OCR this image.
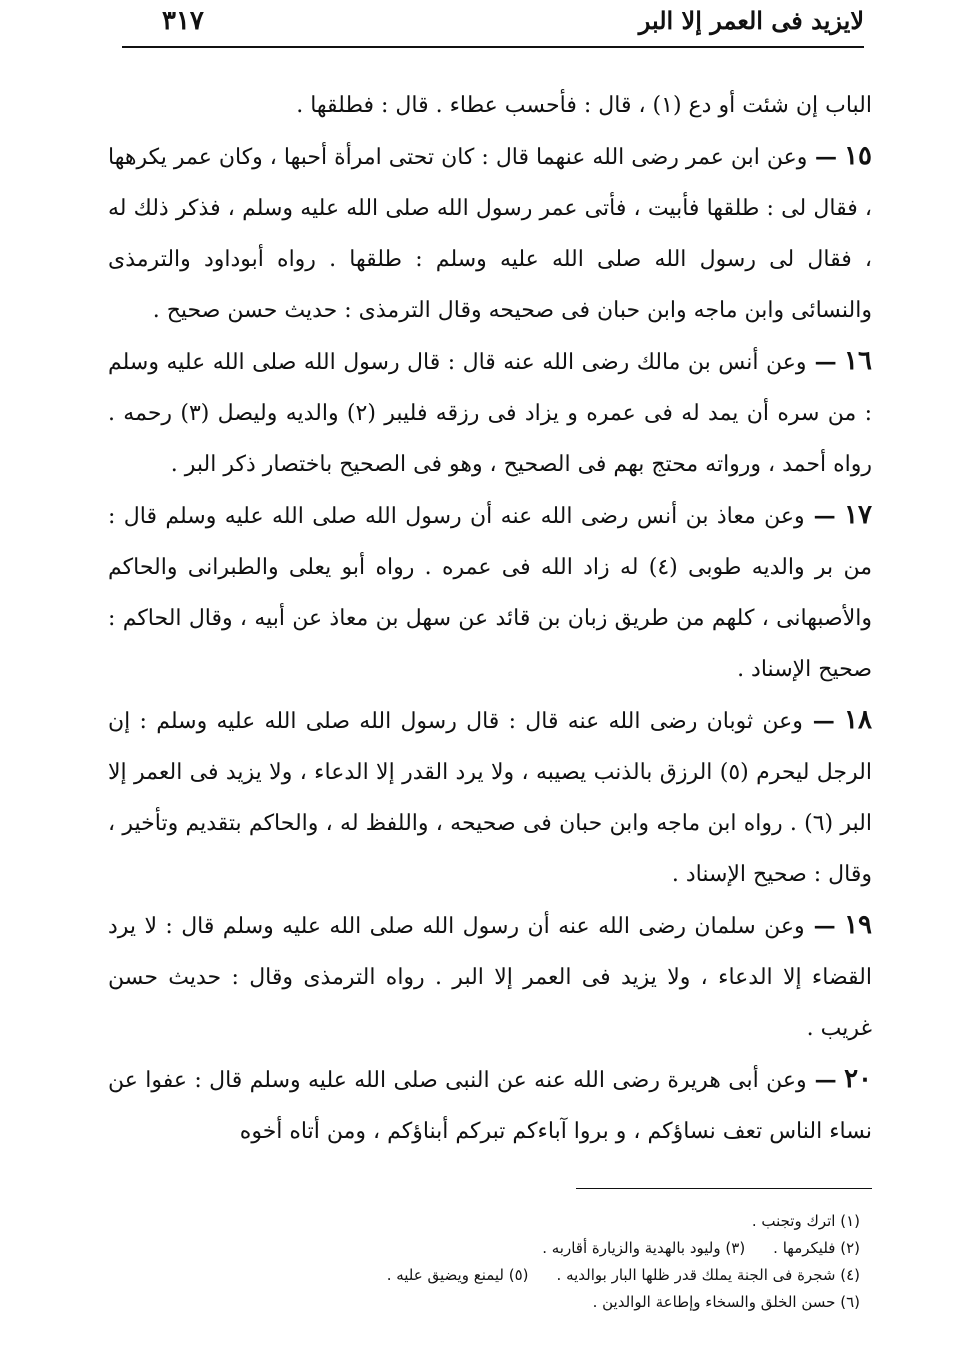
لايزيد فى العمر إلا البر
٣١٧

الباب إن شئت أو دع (١) ، قال : فأحسب عطاء . قال : فطلقها .

١٥ — وعن ابن عمر رضى الله عنهما قال : كان تحتى امرأة أحبها ، وكان عمر يكرهها ، فقال لى : طلقها فأبيت ، فأتى عمر رسول الله صلى الله عليه وسلم ، فذكر ذلك له ، فقال لى رسول الله صلى الله عليه وسلم : طلقها . رواه أبوداود والترمذى والنسائى وابن ماجه وابن حبان فى صحيحه وقال الترمذى : حديث حسن صحيح .

١٦ — وعن أنس بن مالك رضى الله عنه قال : قال رسول الله صلى الله عليه وسلم : من سره أن يمد له فى عمره و يزاد فى رزقه فليبر (٢) والديه وليصل (٣) رحمه . رواه أحمد ، ورواته محتج بهم فى الصحيح ، وهو فى الصحيح باختصار ذكر البر .

١٧ — وعن معاذ بن أنس رضى الله عنه أن رسول الله صلى الله عليه وسلم قال : من بر والديه طوبى (٤) له زاد الله فى عمره . رواه أبو يعلى والطبرانى والحاكم والأصبهانى ، كلهم من طريق زبان بن قائد عن سهل بن معاذ عن أبيه ، وقال الحاكم : صحيح الإسناد .

١٨ — وعن ثوبان رضى الله عنه قال : قال رسول الله صلى الله عليه وسلم : إن الرجل ليحرم (٥) الرزق بالذنب يصيبه ، ولا يرد القدر إلا الدعاء ، ولا يزيد فى العمر إلا البر (٦) . رواه ابن ماجه وابن حبان فى صحيحه ، واللفظ له ، والحاكم بتقديم وتأخير ، وقال : صحيح الإسناد .

١٩ — وعن سلمان رضى الله عنه أن رسول الله صلى الله عليه وسلم قال : لا يرد القضاء إلا الدعاء ، ولا يزيد فى العمر إلا البر . رواه الترمذى وقال : حديث حسن غريب .

٢٠ — وعن أبى هريرة رضى الله عنه عن النبى صلى الله عليه وسلم قال : عفوا عن نساء الناس تعف نساؤكم ، و بروا آباءكم تبركم أبناؤكم ، ومن أتاه أخوه

(١) اترك وتجنب .
(٢) فليكرمها .(٣) وليود بالهدية والزيارة أقاربه .
(٤) شجرة فى الجنة يملك قدر ظلها البار بوالديه .(٥) ليمنع ويضيق عليه .
(٦) حسن الخلق والسخاء وإطاعة الوالدين .
